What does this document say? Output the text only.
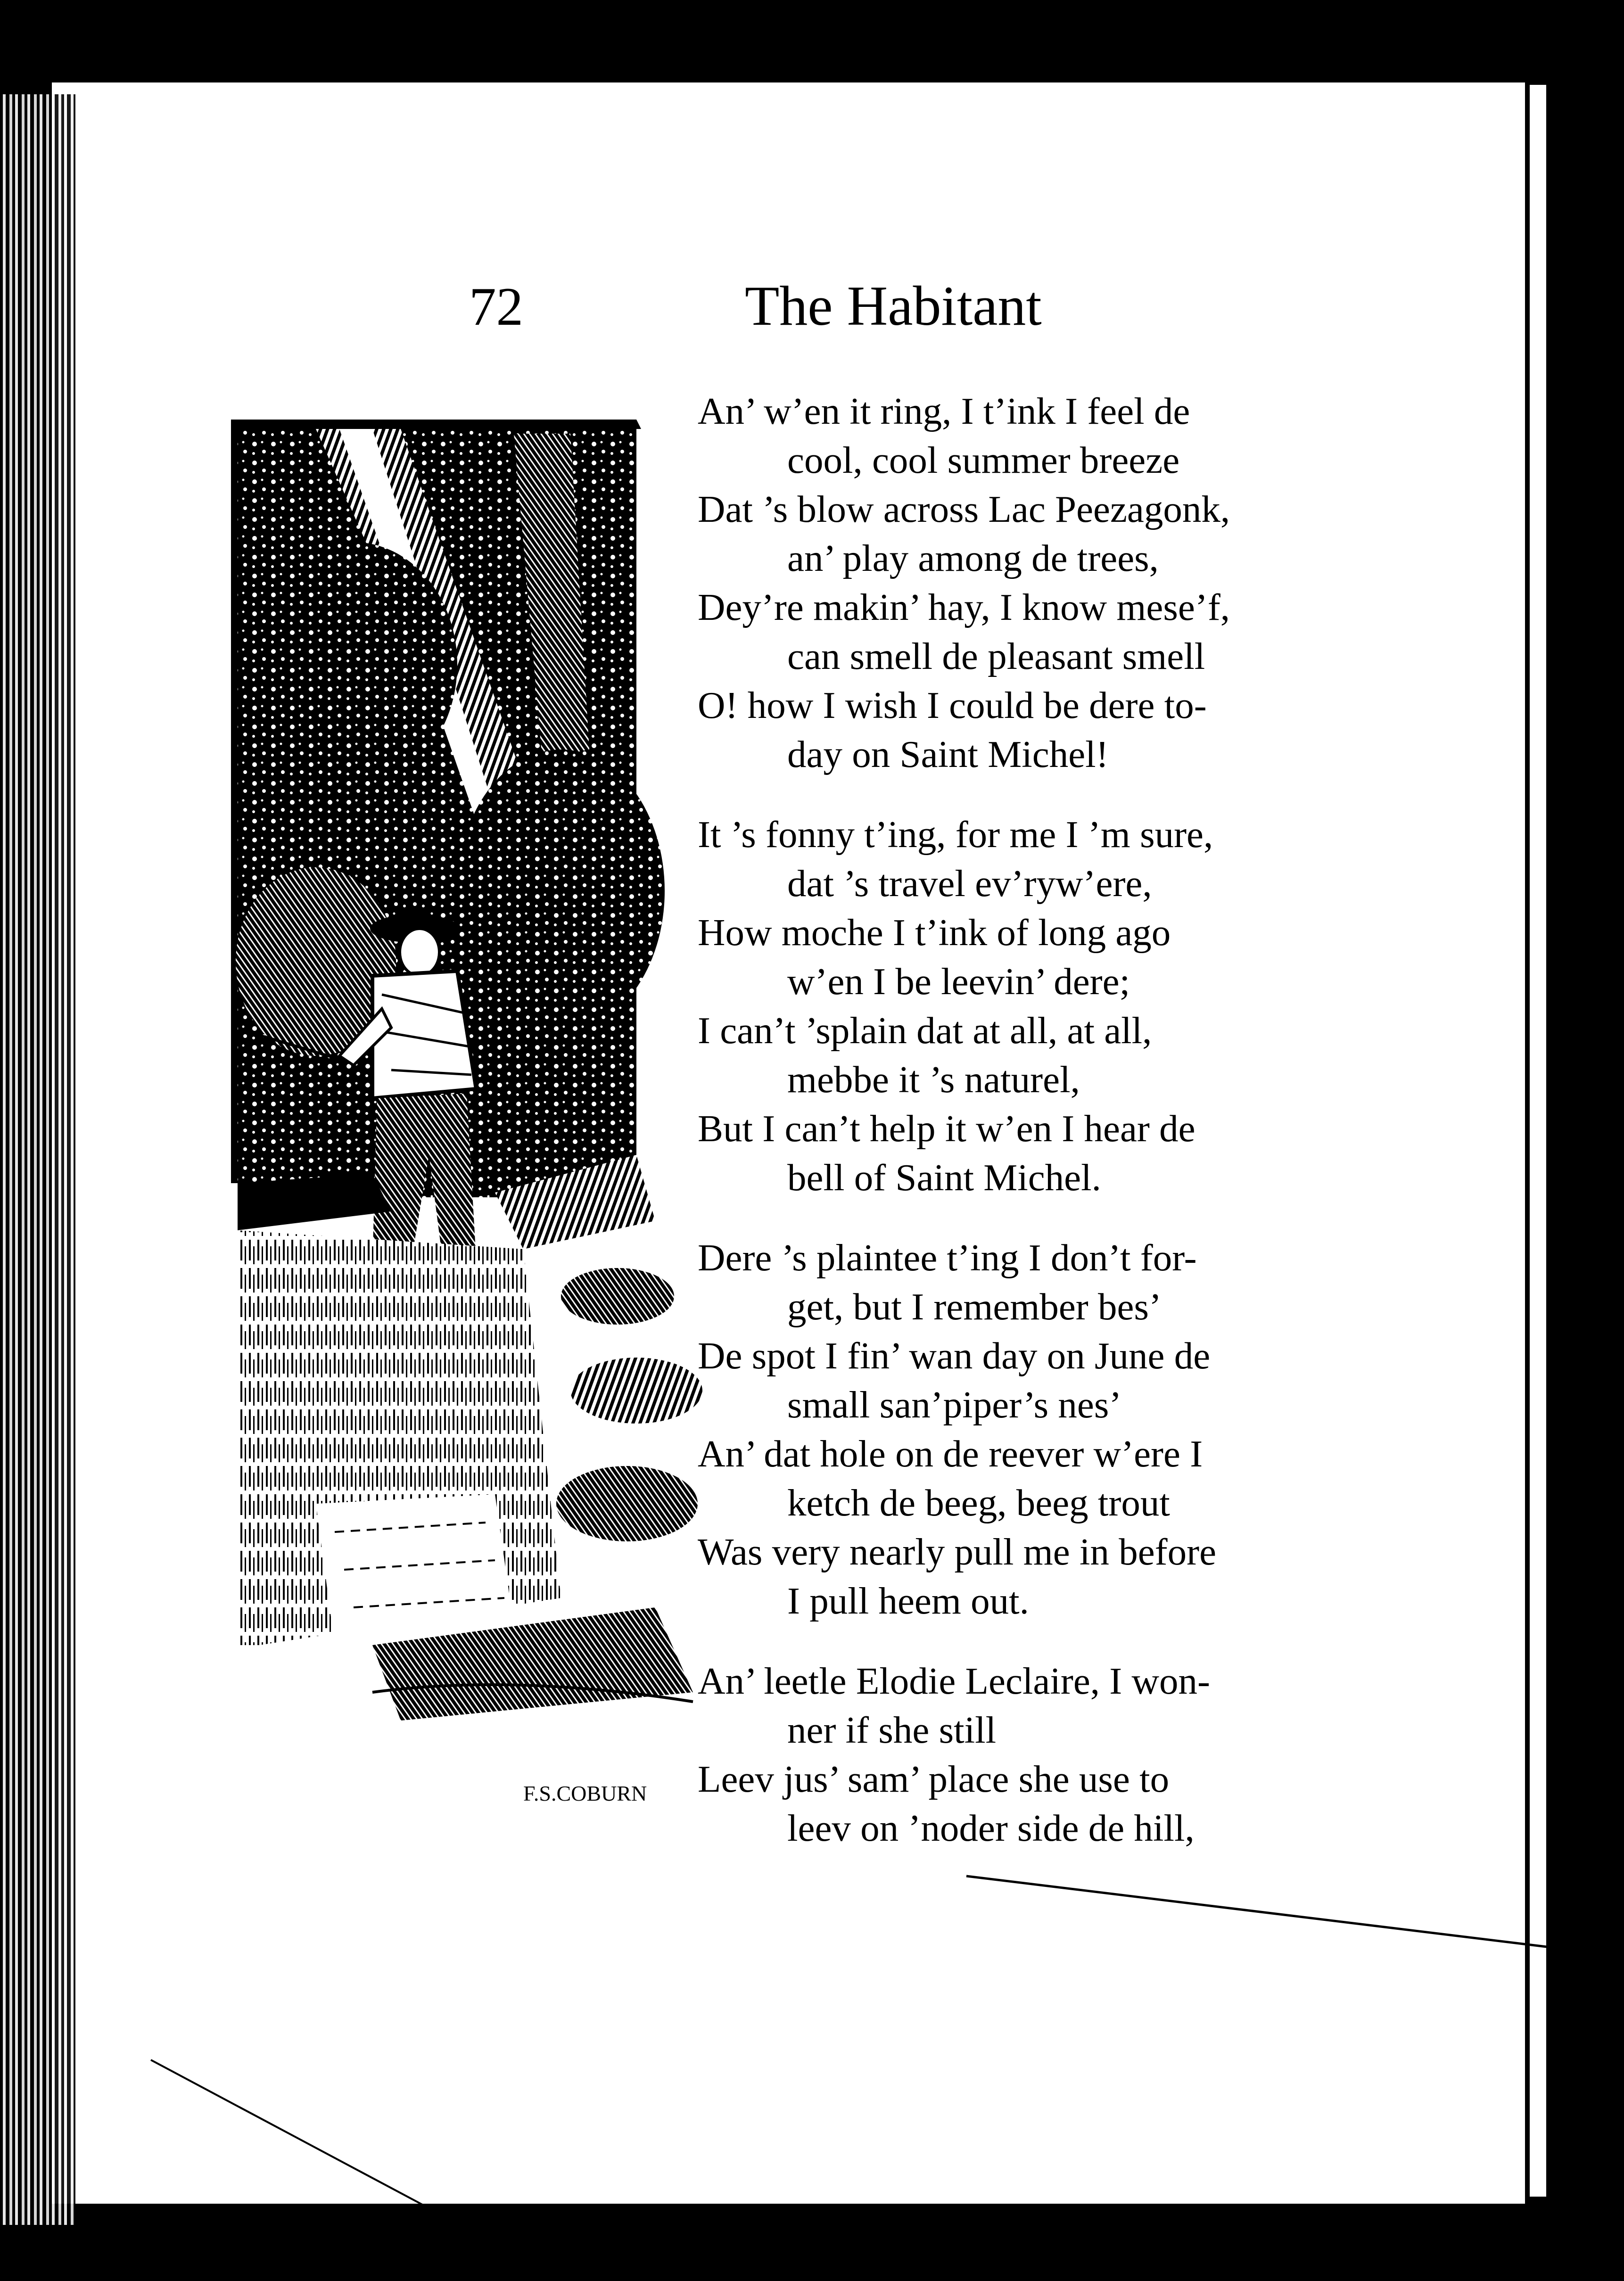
72	The Habitant
F.S.COBURN
An’ w’en it ring, I t’ink I feel de
cool, cool summer breeze
Dat ’s blow across Lac Peezagonk,
an’ play among de trees,
Dey’re makin’ hay, I know mese’f,
can smell de pleasant smell
O! how I wish I could be dere to-
day on Saint Michel!
It ’s fonny t’ing, for me I ’m sure,
dat ’s travel ev’ryw’ere,
How moche I t’ink of long ago
w’en I be leevin’ dere;
I can’t ’splain dat at all, at all,
mebbe it ’s naturel,
But I can’t help it w’en I hear de
bell of Saint Michel.
Dere ’s plaintee t’ing I don’t for-
get, but I remember bes’
De spot I fin’ wan day on June de
small san’piper’s nes’
An’ dat hole on de reever w’ere I
ketch de beeg, beeg trout
Was very nearly pull me in before
I pull heem out.
An’ leetle Elodie Leclaire, I won-
ner if she still
Leev jus’ sam’ place she use to
leev on ’noder side de hill,
